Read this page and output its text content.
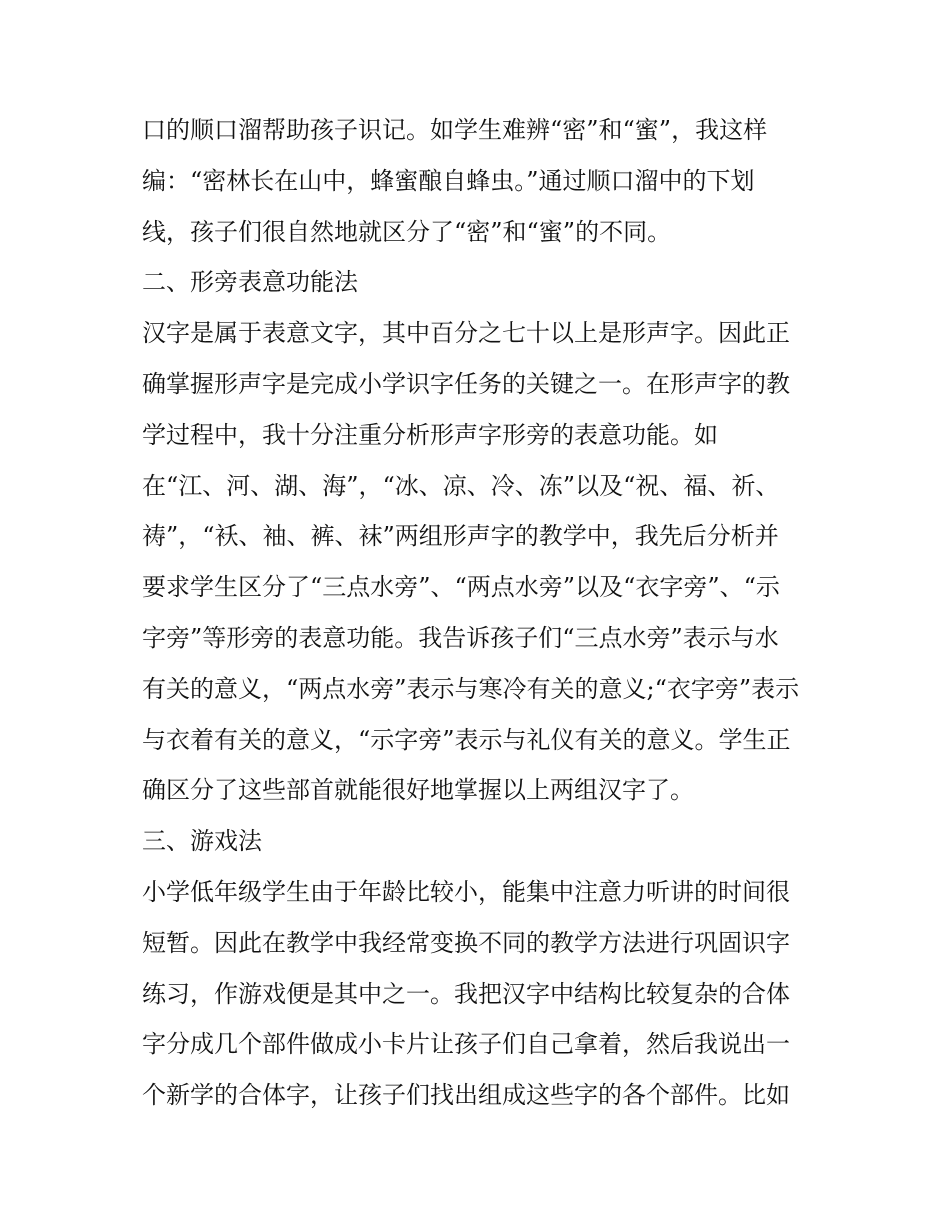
口的顺口溜帮助孩子识记。如学生难辨“密”和“蜜”，我这样
编：“密林长在山中，蜂蜜酿自蜂虫。”通过顺口溜中的下划
线，孩子们很自然地就区分了“密”和“蜜”的不同。
二、形旁表意功能法
汉字是属于表意文字，其中百分之七十以上是形声字。因此正
确掌握形声字是完成小学识字任务的关键之一。在形声字的教
学过程中，我十分注重分析形声字形旁的表意功能。如
在“江、河、湖、海”，“冰、凉、冷、冻”以及“祝、福、祈、
祷”，“袄、袖、裤、袜”两组形声字的教学中，我先后分析并
要求学生区分了“三点水旁”、“两点水旁”以及“衣字旁”、“示
字旁”等形旁的表意功能。我告诉孩子们“三点水旁”表示与水
有关的意义，“两点水旁”表示与寒冷有关的意义;“衣字旁”表示
与衣着有关的意义，“示字旁”表示与礼仪有关的意义。学生正
确区分了这些部首就能很好地掌握以上两组汉字了。
三、游戏法
小学低年级学生由于年龄比较小，能集中注意力听讲的时间很
短暂。因此在教学中我经常变换不同的教学方法进行巩固识字
练习，作游戏便是其中之一。我把汉字中结构比较复杂的合体
字分成几个部件做成小卡片让孩子们自己拿着，然后我说出一
个新学的合体字，让孩子们找出组成这些字的各个部件。比如
